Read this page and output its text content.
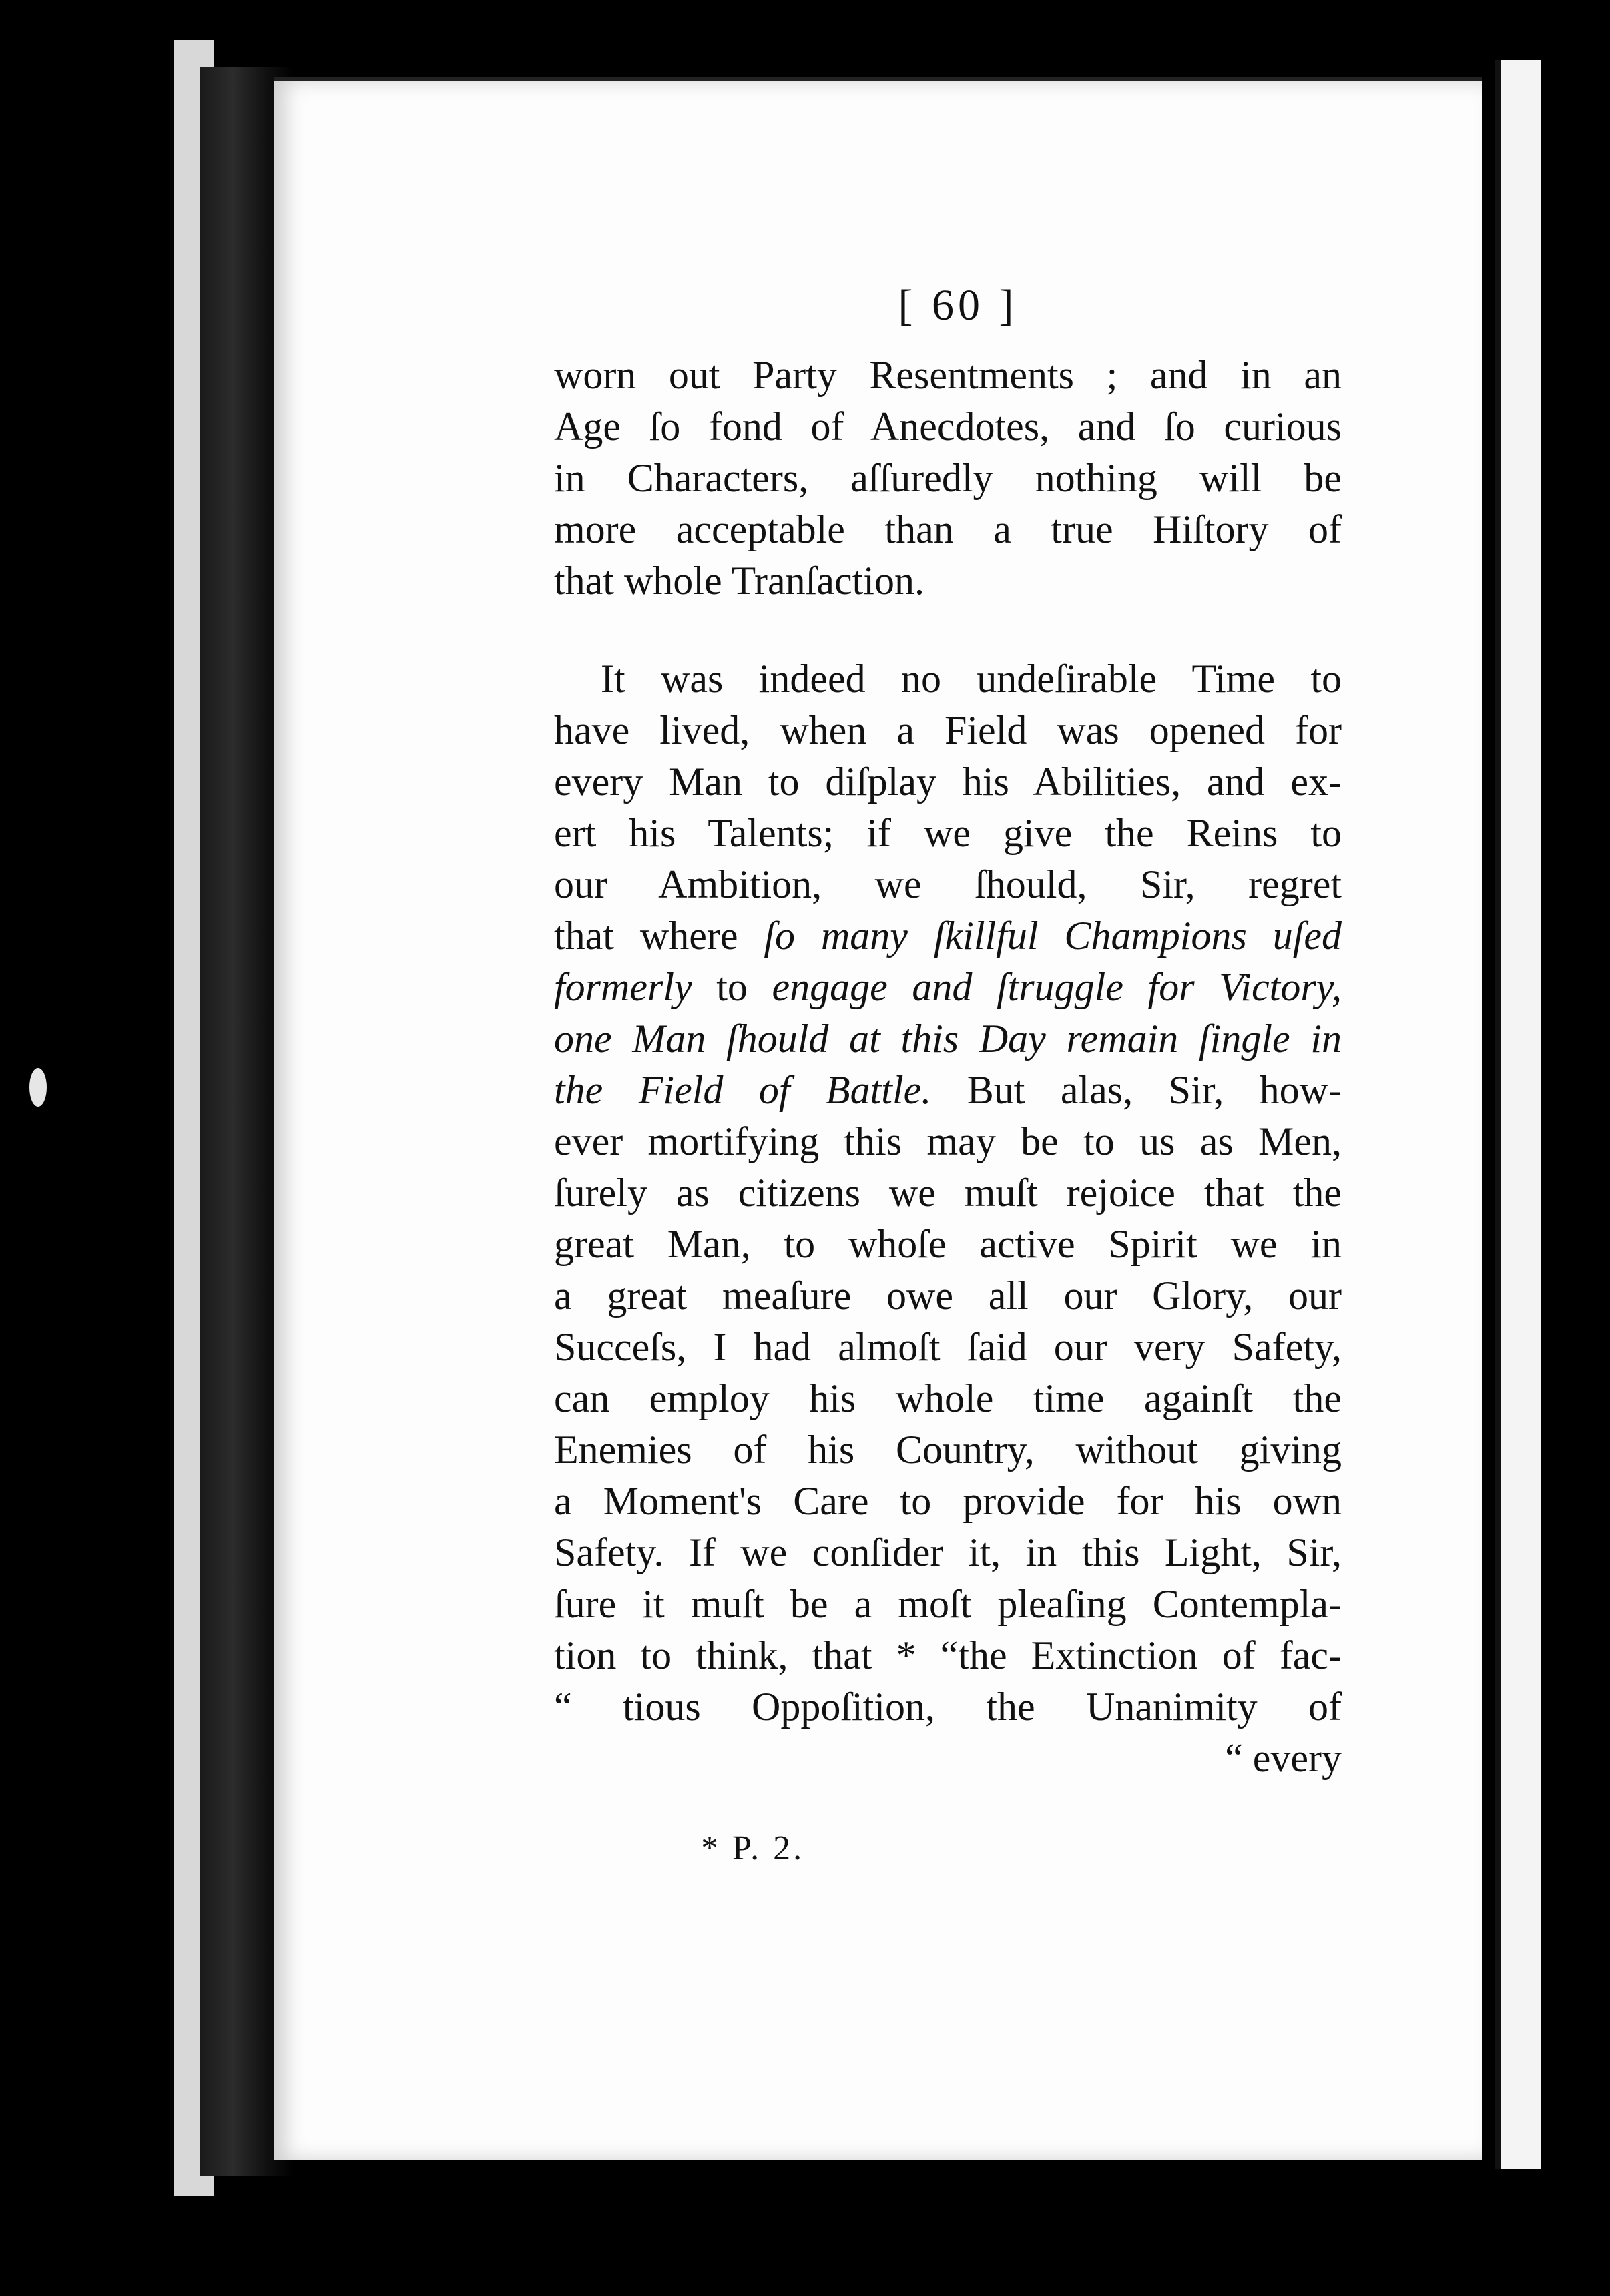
[ 60 ]
worn out Party Resentments ; and in an
Age ſo fond of Anecdotes, and ſo curious
in Characters, aſſuredly nothing will be
more acceptable than a true Hiſtory of
that whole Tranſaction.
It was indeed no undeſirable Time to
have lived, when a Field was opened for
every Man to diſplay his Abilities, and ex-
ert his Talents; if we give the Reins to
our Ambition, we ſhould, Sir, regret
that where ſo many ſkillful Champions uſed
formerly to engage and ſtruggle for Victory,
one Man ſhould at this Day remain ſingle in
the Field of Battle. But alas, Sir, how-
ever mortifying this may be to us as Men,
ſurely as citizens we muſt rejoice that the
great Man, to whoſe active Spirit we in
a great meaſure owe all our Glory, our
Succeſs, I had almoſt ſaid our very Safety,
can employ his whole time againſt the
Enemies of his Country, without giving
a Moment's Care to provide for his own
Safety. If we conſider it, in this Light, Sir,
ſure it muſt be a moſt pleaſing Contempla-
tion to think, that * “the Extinction of fac-
“ tious Oppoſition, the Unanimity of
“ every
* P. 2.
